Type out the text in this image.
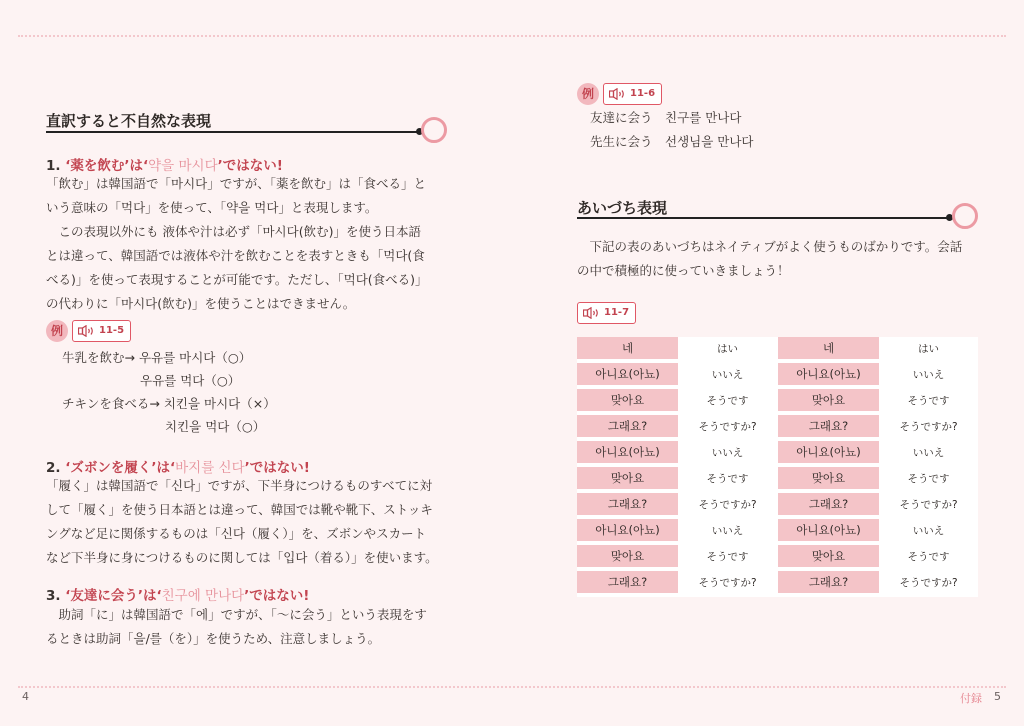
直訳すると不自然な表現
1. ‘薬を飲む’は‘약을 마시다’ではない!
「飲む」は韓国語で「마시다」ですが、「薬を飲む」は「食べる」と
いう意味の「먹다」を使って、「약을 먹다」と表現します。
　この表現以外にも 液体や汁は必ず「마시다(飲む)」を使う日本語
とは違って、韓国語では液体や汁を飲むことを表すときも「먹다(食
べる)」を使って表現することが可能です。ただし、「먹다(食べる)」
の代わりに「마시다(飲む)」を使うことはできません。
例	11-5
牛乳を飲む→ 우유를 마시다（○）
우유를 먹다（○）
チキンを食べる→ 치킨을 마시다（×）
치킨을 먹다（○）
2. ‘ズボンを履く’は‘바지를 신다’ではない!
「履く」は韓国語で「신다」ですが、下半身につけるものすべてに対
して「履く」を使う日本語とは違って、韓国では靴や靴下、ストッキ
ングなど足に関係するものは「신다（履く）」を、ズボンやスカート
など下半身に身につけるものに関しては「입다（着る）」を使います。
3. ‘友達に会う’は‘친구에 만나다’ではない!
　助詞「に」は韓国語で「에」ですが、「〜に会う」という表現をす
るときは助詞「을/를（を）」を使うため、注意しましょう。
4
例	11-6
友達に会う　친구를 만나다
先生に会う　선생님을 만나다
あいづち表現
　下記の表のあいづちはネイティブがよく使うものばかりです。会話
の中で積極的に使っていきましょう！
11-7
네	はい		네	はい
아니요(아뇨)	いいえ		아니요(아뇨)	いいえ
맞아요	そうです		맞아요	そうです
그래요?	そうですか?		그래요?	そうですか?
아니요(아뇨)	いいえ		아니요(아뇨)	いいえ
맞아요	そうです		맞아요	そうです
그래요?	そうですか?		그래요?	そうですか?
아니요(아뇨)	いいえ		아니요(아뇨)	いいえ
맞아요	そうです		맞아요	そうです
그래요?	そうですか?		그래요?	そうですか?
付録 5
